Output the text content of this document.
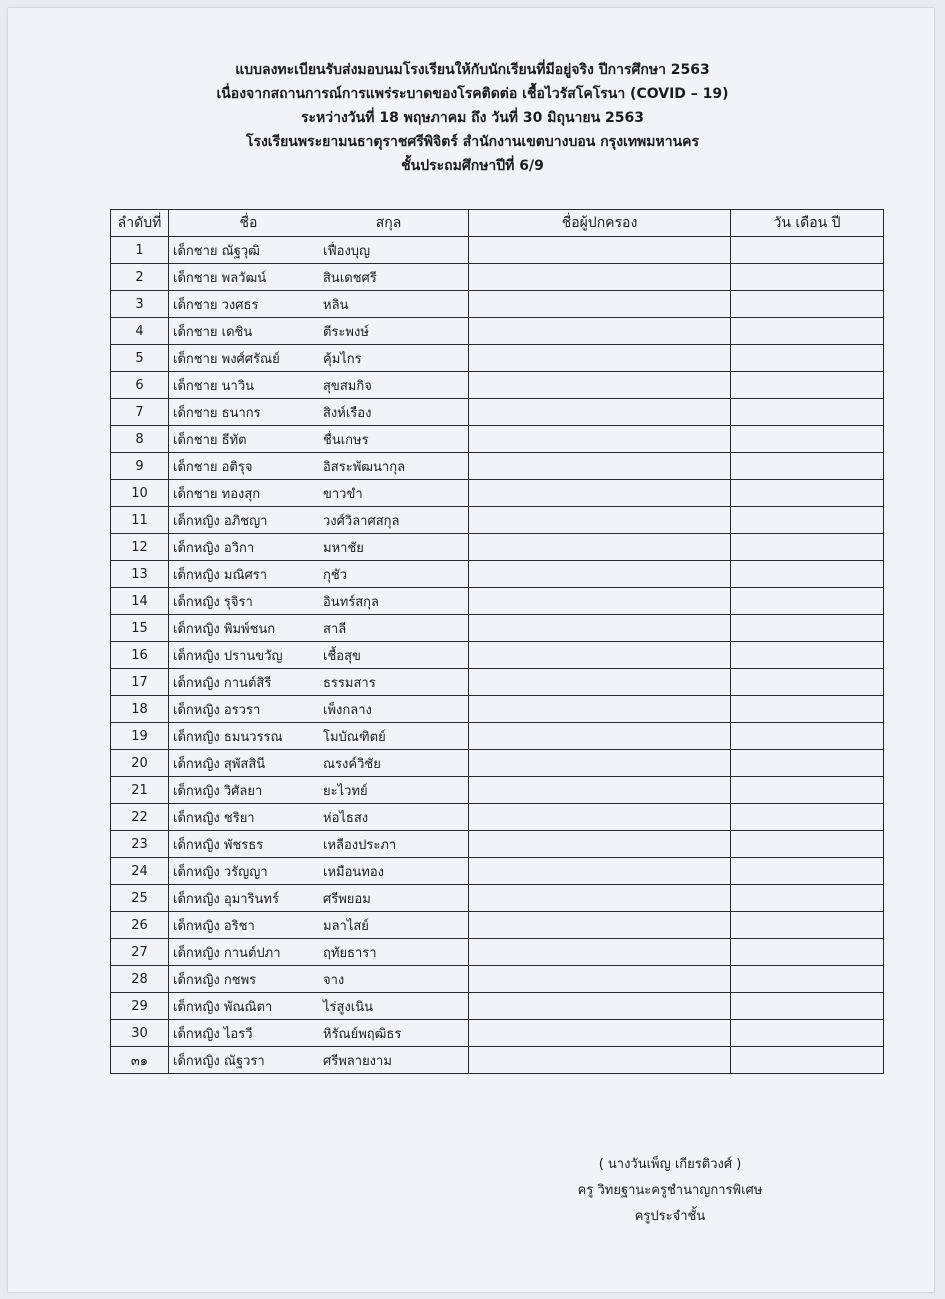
แบบลงทะเบียนรับส่งมอบนมโรงเรียนให้กับนักเรียนที่มีอยู่จริง ปีการศึกษา 2563
เนื่องจากสถานการณ์การแพร่ระบาดของโรคติดต่อ เชื้อไวรัสโคโรนา (COVID – 19)
ระหว่างวันที่ 18 พฤษภาคม ถึง วันที่ 30 มิถุนายน 2563
โรงเรียนพระยามนธาตุราชศรีพิจิตร์ สำนักงานเขตบางบอน กรุงเทพมหานคร
ชั้นประถมศึกษาปีที่ 6/9
ลำดับที่	ชื่อ สกุล	ชื่อผู้ปกครอง	วัน เดือน ปี
1	เด็กชาย ณัฐวุฒิ เฟื่องบุญ		
2	เด็กชาย พลวัฒน์ สินเดชศรี		
3	เด็กชาย วงศธร หลิน		
4	เด็กชาย เดชิน ตีระพงษ์		
5	เด็กชาย พงศ์ศรัณย์ คุ้มไกร		
6	เด็กชาย นาวิน สุขสมกิจ		
7	เด็กชาย ธนากร สิงห์เรือง		
8	เด็กชาย ธีทัต ชื่นเกษร		
9	เด็กชาย อติรุจ อิสระพัฒนากุล		
10	เด็กชาย ทองสุก ขาวขำ		
11	เด็กหญิง อภิชญา วงศ์วิลาศสกุล		
12	เด็กหญิง อวิกา มหาชัย		
13	เด็กหญิง มณิศรา กุชัว		
14	เด็กหญิง รุจิรา อินทร์สกุล		
15	เด็กหญิง พิมพ์ชนก สาลี		
16	เด็กหญิง ปรานขวัญ เชื้อสุข		
17	เด็กหญิง กานต์สิรี ธรรมสาร		
18	เด็กหญิง อรวรา เพ็งกลาง		
19	เด็กหญิง ธมนวรรณ โมบัณฑิตย์		
20	เด็กหญิง สุพัสสินี ณรงค์วิชัย		
21	เด็กหญิง วิศัลยา ยะไวทย์		
22	เด็กหญิง ชริยา ห่อไธสง		
23	เด็กหญิง พัชรธร เหลืองประภา		
24	เด็กหญิง วรัญญา เหมือนทอง		
25	เด็กหญิง อุมารินทร์ ศรีพยอม		
26	เด็กหญิง อริชา มลาไสย์		
27	เด็กหญิง กานต์ปภา ฤทัยธารา		
28	เด็กหญิง กชพร จาง		
29	เด็กหญิง พัณณิตา ไร่สูงเนิน		
30	เด็กหญิง ไอรวี หิรัณย์พฤฒิธร		
๓๑	เด็กหญิง ณัฐวรา ศรีพลายงาม		
( นางวันเพ็ญ เกียรติวงศ์ )
ครู วิทยฐานะครูชำนาญการพิเศษ
ครูประจำชั้น
